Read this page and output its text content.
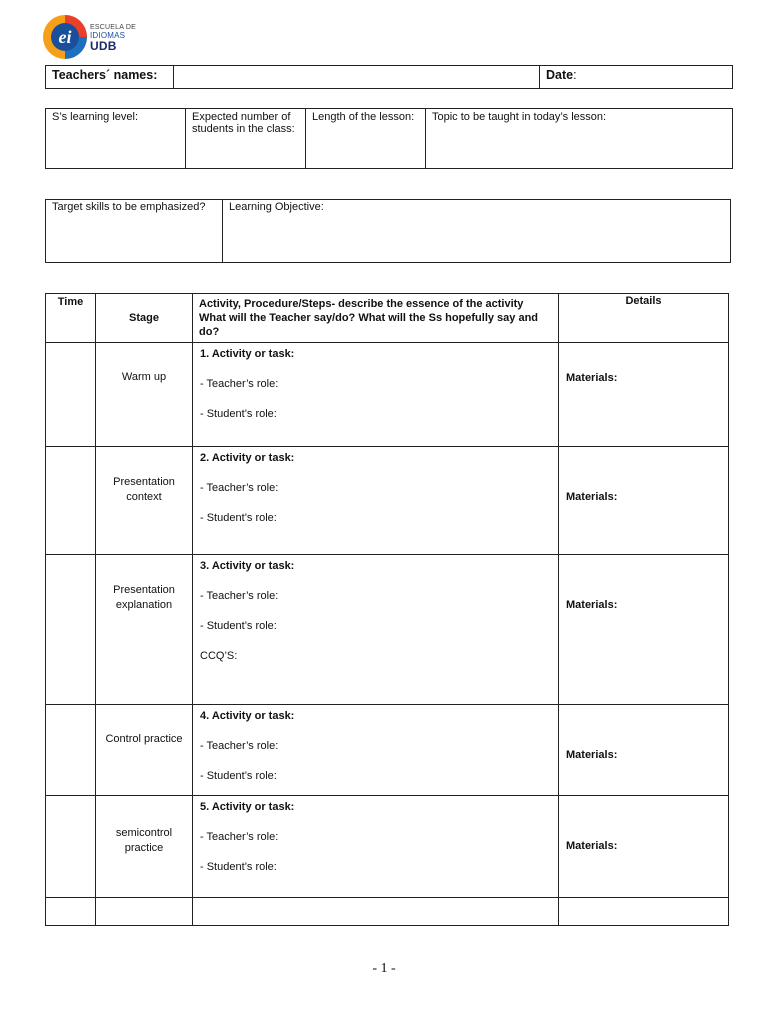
ei	ESCUELA DE
IDIOMAS
UDB
Teachers´ names:		Date:
S’s learning level:	Expected number of students in the class:	Length of the lesson:	Topic to be taught in today’s lesson:
Target skills to be emphasized?	Learning Objective:
Time	Stage	Activity, Procedure/Steps- describe the essence of the activity
What will the Teacher say/do? What will the Ss hopefully say and do?	Details

	Warm up	1. Activity or task:

- Teacher’s role:

- Student’s role:	Materials:

	Presentation context	2. Activity or task:

- Teacher’s role:

- Student’s role:	Materials:

	Presentation explanation	3. Activity or task:

- Teacher’s role:

- Student’s role:

CCQ’S:	Materials:

	Control practice	4. Activity or task:

- Teacher’s role:

- Student’s role:	Materials:

	semicontrol practice	5. Activity or task:

- Teacher’s role:

- Student’s role:	Materials:

- 1 -
